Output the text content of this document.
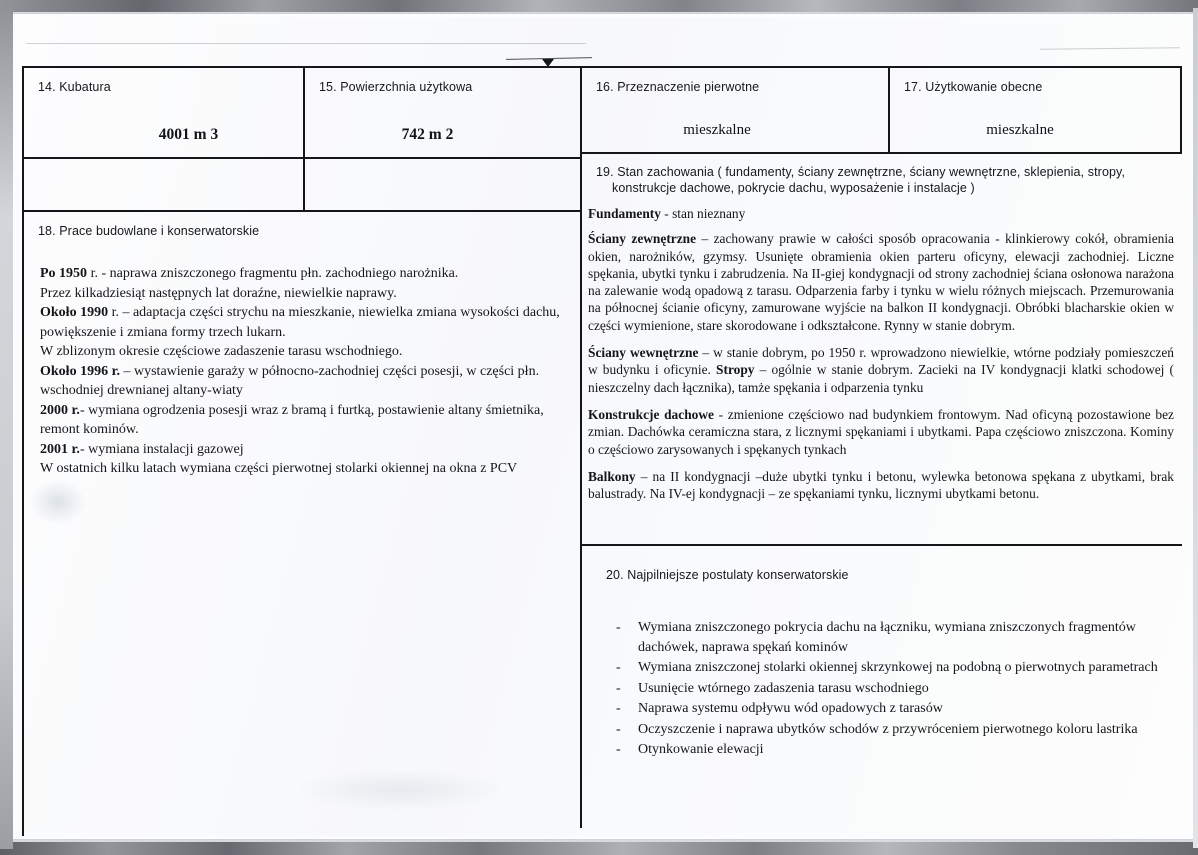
14. Kubatura
4001 m 3
15. Powierzchnia użytkowa
742 m 2
16. Przeznaczenie pierwotne
mieszkalne
17. Użytkowanie obecne
mieszkalne
18. Prace budowlane i konserwatorskie
Po 1950 r. - naprawa zniszczonego fragmentu płn. zachodniego narożnika.
Przez kilkadziesiąt następnych lat doraźne, niewielkie naprawy.
Około 1990 r. – adaptacja części strychu na mieszkanie, niewielka zmiana wysokości dachu, powiększenie i zmiana formy trzech lukarn.
W zblizonym okresie częściowe zadaszenie tarasu wschodniego.
Około 1996 r. – wystawienie garaży w północno-zachodniej części posesji, w części płn. wschodniej drewnianej altany-wiaty
2000 r.- wymiana ogrodzenia posesji wraz z bramą i furtką, postawienie altany śmietnika, remont kominów.
2001 r.- wymiana instalacji gazowej
W ostatnich kilku latach wymiana części pierwotnej stolarki okiennej na okna z PCV
19. Stan zachowania ( fundamenty, ściany zewnętrzne, ściany wewnętrzne, sklepienia, stropy,
konstrukcje dachowe, pokrycie dachu, wyposażenie i instalacje )

Fundamenty - stan nieznany

Ściany zewnętrzne – zachowany prawie w całości sposób opracowania - klinkierowy cokół, obramienia okien, narożników, gzymsy. Usunięte obramienia okien parteru oficyny, elewacji zachodniej. Liczne spękania, ubytki tynku i zabrudzenia. Na II-giej kondygnacji od strony zachodniej ściana osłonowa narażona na zalewanie wodą opadową z tarasu. Odparzenia farby i tynku w wielu różnych miejscach. Przemurowania na północnej ścianie oficyny, zamurowane wyjście na balkon II kondygnacji. Obróbki blacharskie okien w części wymienione, stare skorodowane i odkształcone. Rynny w stanie dobrym.

Ściany wewnętrzne – w stanie dobrym, po 1950 r. wprowadzono niewielkie, wtórne podziały pomieszczeń w budynku i oficynie. Stropy – ogólnie w stanie dobrym. Zacieki na IV kondygnacji klatki schodowej ( nieszczelny dach łącznika), tamże spękania i odparzenia tynku

Konstrukcje dachowe - zmienione częściowo nad budynkiem frontowym. Nad oficyną pozostawione bez zmian. Dachówka ceramiczna stara, z licznymi spękaniami i ubytkami. Papa częściowo zniszczona. Kominy o częściowo zarysowanych i spękanych tynkach

Balkony – na II kondygnacji –duże ubytki tynku i betonu, wylewka betonowa spękana z ubytkami, brak balustrady. Na IV-ej kondygnacji – ze spękaniami tynku, licznymi ubytkami betonu.

20. Najpilniejsze postulaty konserwatorskie
- Wymiana zniszczonego pokrycia dachu na łączniku, wymiana zniszczonych fragmentów dachówek, naprawa spękań kominów
- Wymiana zniszczonej stolarki okiennej skrzynkowej na podobną o pierwotnych parametrach
- Usunięcie wtórnego zadaszenia tarasu wschodniego
- Naprawa systemu odpływu wód opadowych z tarasów
- Oczyszczenie i naprawa ubytków schodów z przywróceniem pierwotnego koloru lastrika
- Otynkowanie elewacji
